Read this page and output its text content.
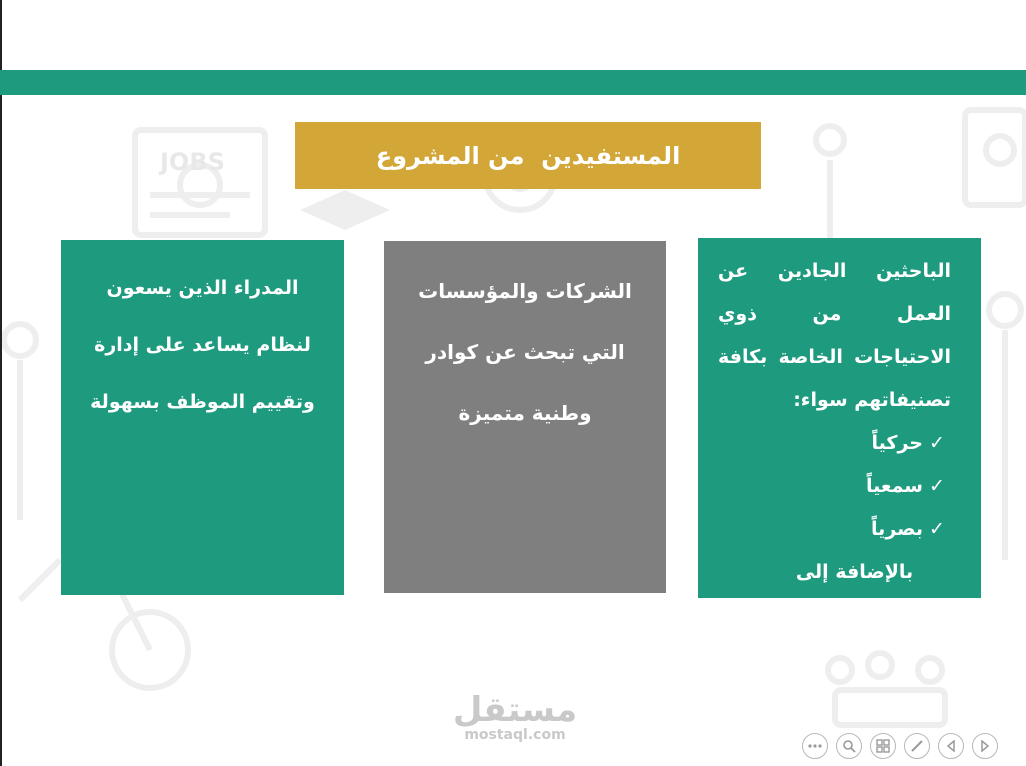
JOBS	المستفيدين  من المشروع
المدراء الذين يسعون
لنظام يساعد على إدارة
وتقييم الموظف بسهولة
الشركات والمؤسسات
التي تبحث عن كوادر
وطنية متميزة
الباحثين الجادين عن
العمل من ذوي
الاحتياجات الخاصة بكافة
تصنيفاتهم سواء:
✓حركياً
✓سمعياً
✓بصرياً
بالإضافة إلى أسرهم.
مستقل
mostaql.com
